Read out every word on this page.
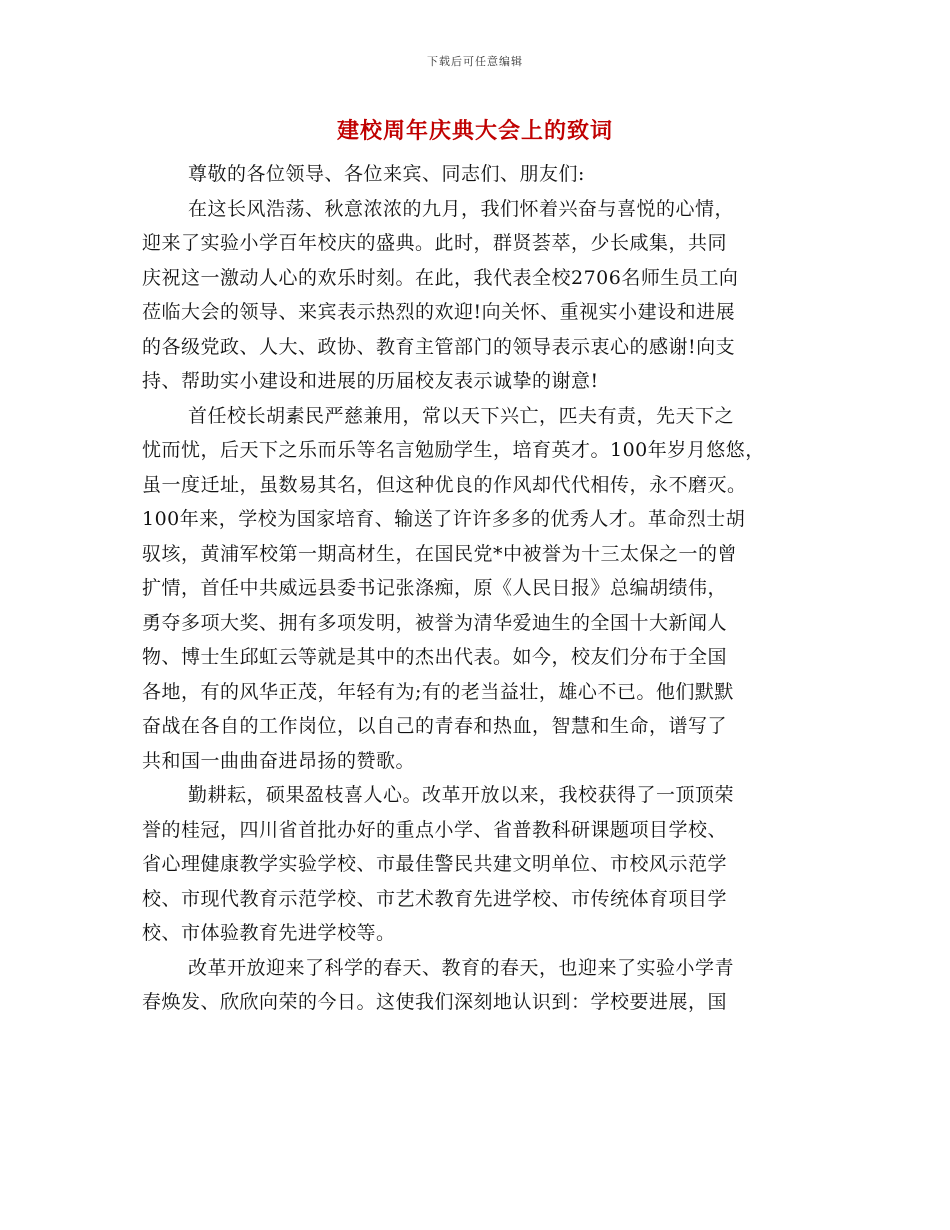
下载后可任意编辑
建校周年庆典大会上的致词
尊敬的各位领导、各位来宾、同志们、朋友们:
在这长风浩荡、秋意浓浓的九月，我们怀着兴奋与喜悦的心情，
迎来了实验小学百年校庆的盛典。此时，群贤荟萃，少长咸集，共同
庆祝这一激动人心的欢乐时刻。在此，我代表全校2706名师生员工向
莅临大会的领导、来宾表示热烈的欢迎!向关怀、重视实小建设和进展
的各级党政、人大、政协、教育主管部门的领导表示衷心的感谢!向支
持、帮助实小建设和进展的历届校友表示诚挚的谢意!
首任校长胡素民严慈兼用，常以天下兴亡，匹夫有责，先天下之
忧而忧，后天下之乐而乐等名言勉励学生，培育英才。100年岁月悠悠，
虽一度迁址，虽数易其名，但这种优良的作风却代代相传，永不磨灭。
100年来，学校为国家培育、输送了许许多多的优秀人才。革命烈士胡
驭垓，黄浦军校第一期高材生，在国民党*中被誉为十三太保之一的曾
扩情，首任中共威远县委书记张涤痴，原《人民日报》总编胡绩伟，
勇夺多项大奖、拥有多项发明，被誉为清华爱迪生的全国十大新闻人
物、博士生邱虹云等就是其中的杰出代表。如今，校友们分布于全国
各地，有的风华正茂，年轻有为;有的老当益壮，雄心不已。他们默默
奋战在各自的工作岗位，以自己的青春和热血，智慧和生命，谱写了
共和国一曲曲奋进昂扬的赞歌。
勤耕耘，硕果盈枝喜人心。改革开放以来，我校获得了一顶顶荣
誉的桂冠，四川省首批办好的重点小学、省普教科研课题项目学校、
省心理健康教学实验学校、市最佳警民共建文明单位、市校风示范学
校、市现代教育示范学校、市艺术教育先进学校、市传统体育项目学
校、市体验教育先进学校等。
改革开放迎来了科学的春天、教育的春天，也迎来了实验小学青
春焕发、欣欣向荣的今日。这使我们深刻地认识到：学校要进展，国
